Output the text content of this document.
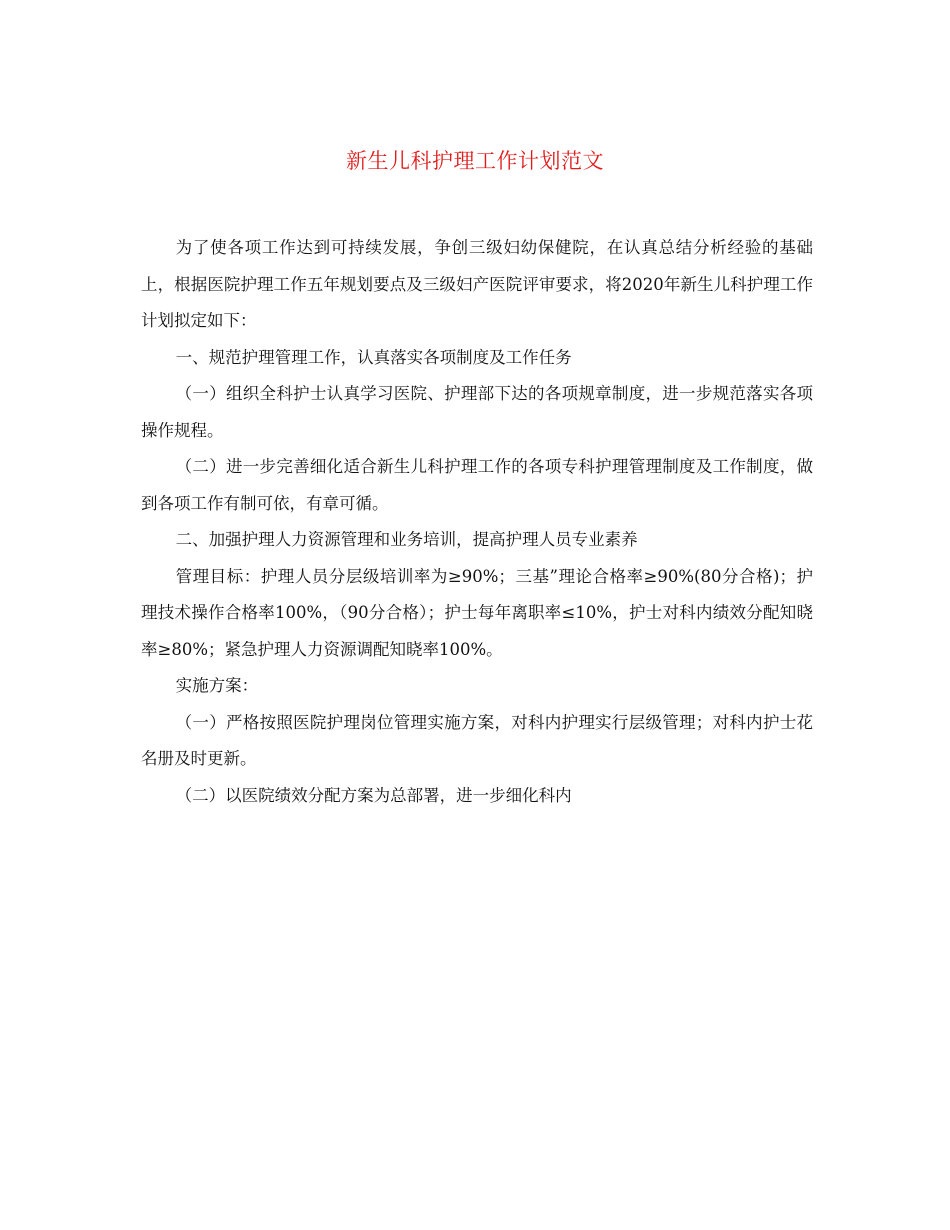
新生儿科护理工作计划范文

为了使各项工作达到可持续发展，争创三级妇幼保健院，在认真总结分析经验的基础上，根据医院护理工作五年规划要点及三级妇产医院评审要求，将2020年新生儿科护理工作计划拟定如下：

一、规范护理管理工作，认真落实各项制度及工作任务

（一）组织全科护士认真学习医院、护理部下达的各项规章制度，进一步规范落实各项操作规程。

（二）进一步完善细化适合新生儿科护理工作的各项专科护理管理制度及工作制度，做到各项工作有制可依，有章可循。

二、加强护理人力资源管理和业务培训，提高护理人员专业素养

管理目标：护理人员分层级培训率为≥90%；三基”理论合格率≥90%(80分合格)；护理技术操作合格率100%，（90分合格）；护士每年离职率≤10%，护士对科内绩效分配知晓率≥80%；紧急护理人力资源调配知晓率100%。

实施方案：

（一）严格按照医院护理岗位管理实施方案，对科内护理实行层级管理；对科内护士花名册及时更新。

（二）以医院绩效分配方案为总部署，进一步细化科内
